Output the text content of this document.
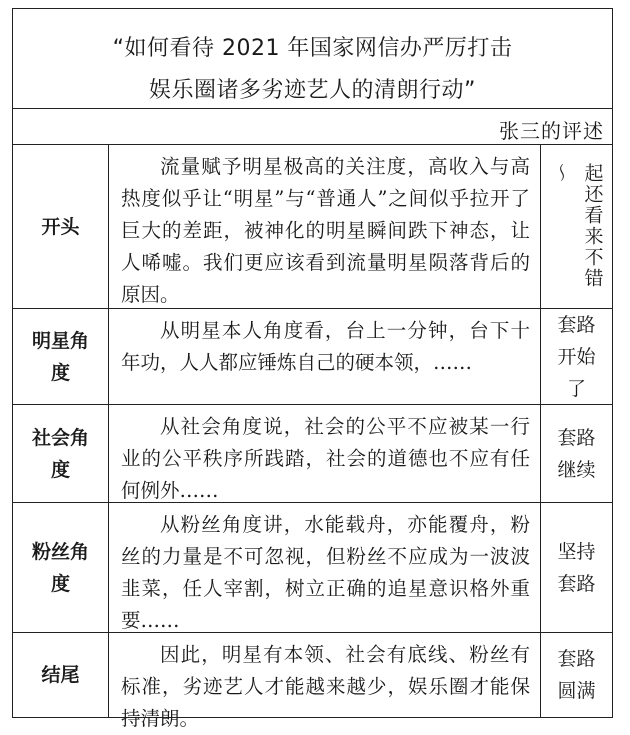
“如何看待 2021 年国家网信办严厉打击
娱乐圈诸多劣迹艺人的清朗行动”
张三的评述
开头
流量赋予明星极高的关注度，高收入与高热度似乎让“明星”与“普通人”之间似乎拉开了巨大的差距，被神化的明星瞬间跌下神态，让人唏嘘。我们更应该看到流量明星陨落背后的原因。
起还看来不错～
明星角度
从明星本人角度看，台上一分钟，台下十年功，人人都应锤炼自己的硬本领，……
套路开始了
社会角度
从社会角度说，社会的公平不应被某一行业的公平秩序所践踏，社会的道德也不应有任何例外……
套路继续
粉丝角度
从粉丝角度讲，水能载舟，亦能覆舟，粉丝的力量是不可忽视，但粉丝不应成为一波波韭菜，任人宰割，树立正确的追星意识格外重要……
坚持套路
结尾
因此，明星有本领、社会有底线、粉丝有标准，劣迹艺人才能越来越少，娱乐圈才能保持清朗。
套路圆满
